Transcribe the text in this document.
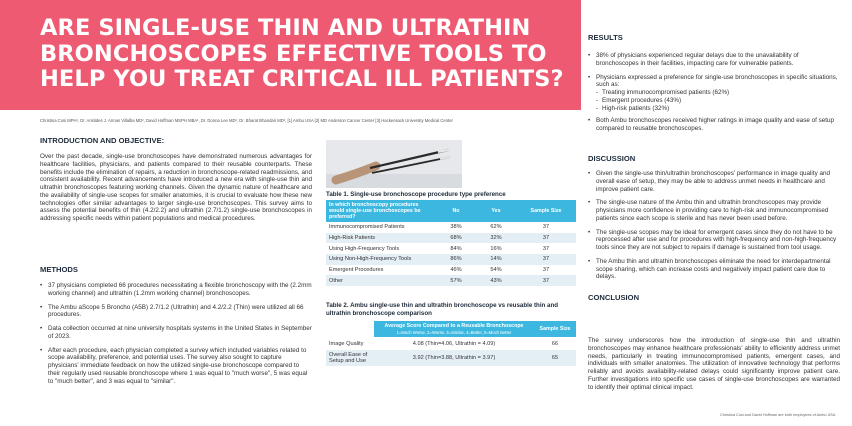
ARE SINGLE-USE THIN AND ULTRATHIN BRONCHOSCOPES EFFECTIVE TOOLS TO HELP YOU TREAT CRITICAL ILL PATIENTS?
Christina Cosi MPH¹, Dr. Aristides J. Armas Villalba MD², David Hoffman MSPH MBA¹, Dr. Donna Lee MD², Dr. Bharat Bhandari MD³, [1] Ambu USA [2] MD Anderson Cancer Center [3] Hackensack University Medical Center
INTRODUCTION AND OBJECTIVE:

Over the past decade, single-use bronchoscopes have demonstrated numerous advantages for healthcare facilities, physicians, and patients compared to their reusable counterparts. These benefits include the elimination of repairs, a reduction in bronchoscope-related readmissions, and consistent availability. Recent advancements have introduced a new era with single-use thin and ultrathin bronchoscopes featuring working channels. Given the dynamic nature of healthcare and the availability of single-use scopes for smaller anatomies, it is crucial to evaluate how these new technologies offer similar advantages to larger single-use bronchoscopes. This survey aims to assess the potential benefits of thin (4.2/2.2) and ultrathin (2.7/1.2) single-use bronchoscopes in addressing specific needs within patient populations and medical procedures.

METHODS
• 37 physicians completed 66 procedures necessitating a flexible bronchoscopy with the (2.2mm working channel) and ultrathin (1.2mm working channel) bronchoscopes.
• The Ambu aScope 5 Broncho (A5B) 2.7/1.2 (Ultrathin) and 4.2/2.2 (Thin) were utilized all 66 procedures.
• Data collection occurred at nine university hospitals systems in the United States in September of 2023.
• After each procedure, each physician completed a survey which included variables related to scope availability, preference, and potential uses. The survey also sought to capture physicians' immediate feedback on how the utilized single-use bronchoscope compared to their regularly used reusable bronchoscope where 1 was equal to "much worse", 5 was equal to "much better", and 3 was equal to "similar".
Table 1. Single-use bronchoscope procedure type preference
In which bronchoscopy procedures would single-use bronchoscopes be preferred?	No	Yes	Sample Size
Immunocompromised Patients	38%	62%	37
High-Risk Patients	68%	32%	37
Using High-Frequency Tools	84%	16%	37
Using Non-High-Frequency Tools	86%	14%	37
Emergent Procedures	46%	54%	37
Other	57%	43%	37
Table 2. Ambu single-use thin and ultrathin bronchoscope vs reusable thin and ultrathin bronchoscope comparison

	Average Score Compared to a Reusable Bronchoscope
1=Much Worse, 2=Worse, 3=Similar, 4=Better, 5=Much Better	Sample Size
Image Quality	4.08 (Thin=4.06, Ultrathin = 4.09)	66
Overall Ease of Setup and Use	3.92 (Thin=3.88, Ultrathin = 3.97)	65
RESULTS
• 38% of physicians experienced regular delays due to the unavailability of bronchoscopes in their facilities, impacting care for vulnerable patients.
• Physicians expressed a preference for single-use bronchoscopes in specific situations, such as:
- Treating immunocompromised patients (62%)
- Emergent procedures (43%)
- High-risk patients (32%)
• Both Ambu bronchoscopes received higher ratings in image quality and ease of setup compared to reusable bronchoscopes.
DISCUSSION
• Given the single-use thin/ultrathin bronchoscopes' performance in image quality and overall ease of setup, they may be able to address unmet needs in healthcare and improve patient care.
• The single-use nature of the Ambu thin and ultrathin bronchoscopes may provide physicians more confidence in providing care to high-risk and immunocompromised patients since each scope is sterile and has never been used before.
• The single-use scopes may be ideal for emergent cases since they do not have to be reprocessed after use and for procedures with high-frequency and non-high-frequency tools since they are not subject to repairs if damage is sustained from tool usage.
• The Ambu thin and ultrathin bronchoscopes eliminate the need for interdepartmental scope sharing, which can increase costs and negatively impact patient care due to delays.
CONCLUSION

The survey underscores how the introduction of single-use thin and ultrathin bronchoscopes may enhance healthcare professionals' ability to efficiently address unmet needs, particularly in treating immunocompromised patients, emergent cases, and individuals with smaller anatomies. The utilization of innovative technology that performs reliably and avoids availability-related delays could significantly improve patient care. Further investigations into specific use cases of single-use bronchoscopes are warranted to identify their optimal clinical impact.

Christina Cosi and David Hoffman are both employees of Ambu USA
